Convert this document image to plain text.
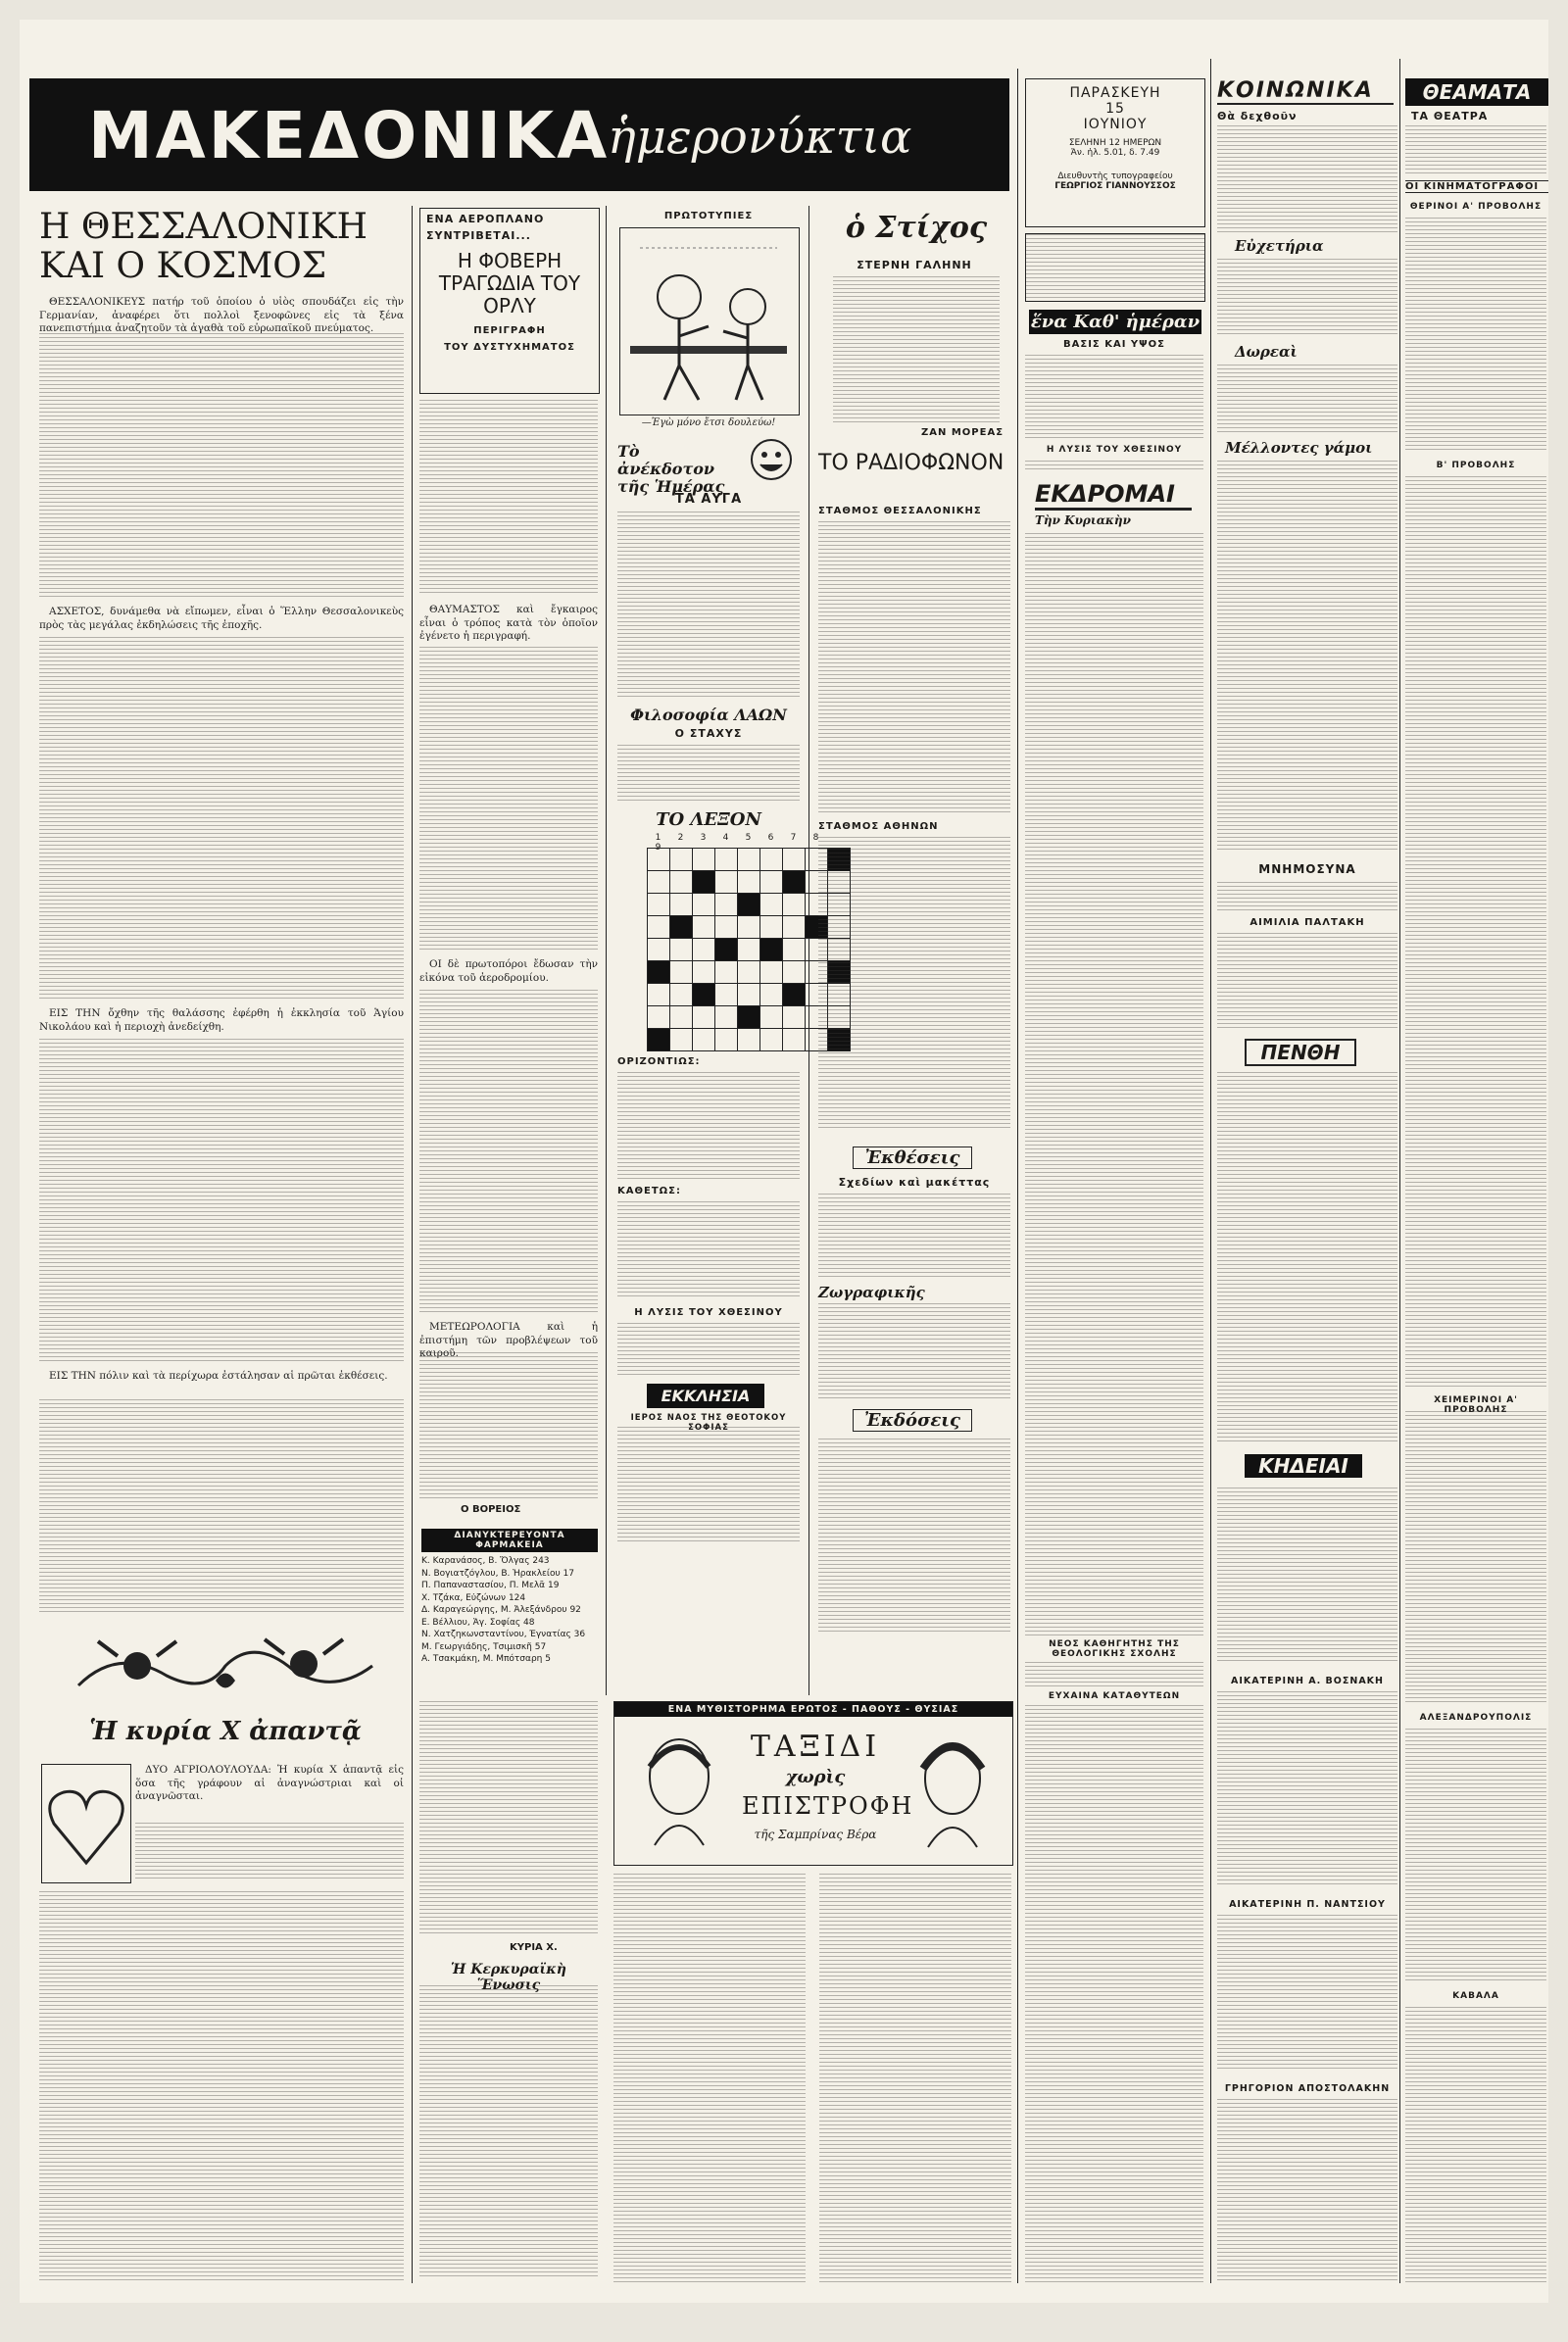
ΜΑΚΕΔΟΝΙΚΑ
ἡμερονύκτια
Η ΘΕΣΣΑΛΟΝΙΚΗ ΚΑΙ Ο ΚΟΣΜΟΣ

ΘΕΣΣΑΛΟΝΙΚΕΥΣ πατήρ τοῦ ὁποίου ὁ υἱὸς σπουδάζει εἰς τὴν Γερμανίαν, ἀναφέρει ὅτι πολλοὶ ξενοφῶνες εἰς τὰ ξένα πανεπιστήμια ἀναζητοῦν τὰ ἀγαθὰ τοῦ εὐρωπαϊκοῦ πνεύματος.

ΑΣΧΕΤΟΣ, δυνάμεθα νὰ εἴπωμεν, εἶναι ὁ Ἕλλην Θεσσαλονικεὺς πρὸς τὰς μεγάλας ἐκδηλώσεις τῆς ἐποχῆς.

ΕΙΣ ΤΗΝ ὄχθην τῆς θαλάσσης ἐφέρθη ἡ ἐκκλησία τοῦ Ἁγίου Νικολάου καὶ ἡ περιοχὴ ἀνεδείχθη.

ΕΙΣ ΤΗΝ πόλιν καὶ τὰ περίχωρα ἐστάλησαν αἱ πρῶται ἐκθέσεις.

Ἡ κυρία Χ ἀπαντᾷ

ΔΥΟ ΑΓΡΙΟΛΟΥΛΟΥΔΑ: Ἡ κυρία Χ ἀπαντᾷ εἰς ὅσα τῆς γράφουν αἱ ἀναγνώστριαι καὶ οἱ ἀναγνῶσται.

ΕΝΑ ΑΕΡΟΠΛΑΝΟ
ΣΥΝΤΡΙΒΕΤΑΙ...
Η ΦΟΒΕΡΗ ΤΡΑΓΩΔΙΑ ΤΟΥ ΟΡΛΥ
ΠΕΡΙΓΡΑΦΗ
ΤΟΥ ΔΥΣΤΥΧΗΜΑΤΟΣ

ΘΑΥΜΑΣΤΟΣ καὶ ἔγκαιρος εἶναι ὁ τρόπος κατὰ τὸν ὁποῖον ἐγένετο ἡ περιγραφή.

ΟΙ δὲ πρωτοπόροι ἔδωσαν τὴν εἰκόνα τοῦ ἀεροδρομίου.

ΜΕΤΕΩΡΟΛΟΓΙΑ καὶ ἡ ἐπιστήμη τῶν προβλέψεων τοῦ καιροῦ.

Ο ΒΟΡΕΙΟΣ
ΔΙΑΝΥΚΤΕΡΕΥΟΝΤΑ ΦΑΡΜΑΚΕΙΑ
Κ. Καρανάσος, Β. Ὄλγας 243
Ν. Βογιατζόγλου, Β. Ἡρακλείου 17
Π. Παπαναστασίου, Π. Μελᾶ 19
Χ. Τζάκα, Εὐζώνων 124
Δ. Καραγεώργης, Μ. Ἀλεξάνδρου 92
Ε. Βέλλιου, Ἁγ. Σοφίας 48
Ν. Χατζηκωνσταντίνου, Ἐγνατίας 36
Μ. Γεωργιάδης, Τσιμισκῆ 57
Α. Τσακμάκη, Μ. Μπότσαρη 5
ΠΡΩΤΟΤΥΠΙΕΣ
—Ἐγὼ μόνο ἔτσι δουλεύω!
Τὸ ἀνέκδοτον τῆς Ἡμέρας
ΤΑ ΑΥΓΑ
Φιλοσοφία ΛΑΩΝ
Ο ΣΤΑΧΥΣ
ΤΟ ΛΕΞΟΝ
1 2 3 4 5 6 7 89

ΟΡΙΖΟΝΤΙΩΣ:
ΚΑΘΕΤΩΣ:
Η ΛΥΣΙΣ ΤΟΥ ΧΘΕΣΙΝΟΥ
ΕΚΚΛΗΣΙΑ
ΙΕΡΟΣ ΝΑΟΣ ΤΗΣ ΘΕΟΤΟΚΟΥ ΣΟΦΙΑΣ
ὁ Στίχος
ΣΤΕΡΝΗ ΓΑΛΗΝΗ
ΖΑΝ ΜΟΡΕΑΣ
ΤΟ ΡΑΔΙΟΦΩΝΟΝ
ΣΤΑΘΜΟΣ ΘΕΣΣΑΛΟΝΙΚΗΣ
ΣΤΑΘΜΟΣ ΑΘΗΝΩΝ
Ἐκθέσεις
Σχεδίων καὶ μακέττας
Ζωγραφικῆς
Ἐκδόσεις
ΕΝΑ ΜΥΘΙΣΤΟΡΗΜΑ ΕΡΩΤΟΣ - ΠΑΘΟΥΣ - ΘΥΣΙΑΣ
ΤΑΞΙΔΙ
χωρὶς
ΕΠΙΣΤΡΟΦΗ
τῆς Σαμπρίνας Βέρα
ΚΥΡΙΑ Χ.
Ἡ Κερκυραϊκὴ Ἕνωσις
ΠΑΡΑΣΚΕΥΗ
15
ΙΟΥΝΙΟΥ
ΣΕΛΗΝΗ 12 ΗΜΕΡΩΝ
Ἀν. ἡλ. 5.01, δ. 7.49
Διευθυντὴς τυπογραφείου
ΓΕΩΡΓΙΟΣ ΓΙΑΝΝΟΥΣΣΟΣ
ἕνα Καθ' ἡμέραν
ΒΑΣΙΣ ΚΑΙ ΥΨΟΣ
Η ΛΥΣΙΣ ΤΟΥ ΧΘΕΣΙΝΟΥ
ΕΚΔΡΟΜΑΙ
Τὴν Κυριακὴν
ΝΕΟΣ ΚΑΘΗΓΗΤΗΣ ΤΗΣ ΘΕΟΛΟΓΙΚΗΣ ΣΧΟΛΗΣ
ΕΥΧΑΙΝΑ ΚΑΤΑΘΥΤΕΩΝ
ΚΟΙΝΩΝΙΚΑ
Θὰ δεχθοῦν
Εὐχετήρια
Δωρεαὶ
Μέλλοντες γάμοι
ΜΝΗΜΟΣΥΝΑ
ΑΙΜΙΛΙΑ ΠΑΛΤΑΚΗ
ΠΕΝΘΗ
ΚΗΔΕΙΑΙ
ΑΙΚΑΤΕΡΙΝΗ Α. ΒΟΣΝΑΚΗ
ΑΙΚΑΤΕΡΙΝΗ Π. ΝΑΝΤΣΙΟΥ
ΓΡΗΓΟΡΙΟΝ ΑΠΟΣΤΟΛΑΚΗΝ
ΘΕΑΜΑΤΑ
ΤΑ ΘΕΑΤΡΑ
ΟΙ ΚΙΝΗΜΑΤΟΓΡΑΦΟΙ
ΘΕΡΙΝΟΙ Α' ΠΡΟΒΟΛΗΣ
Β' ΠΡΟΒΟΛΗΣ
ΧΕΙΜΕΡΙΝΟΙ Α' ΠΡΟΒΟΛΗΣ
ΑΛΕΞΑΝΔΡΟΥΠΟΛΙΣ
ΚΑΒΑΛΑ
